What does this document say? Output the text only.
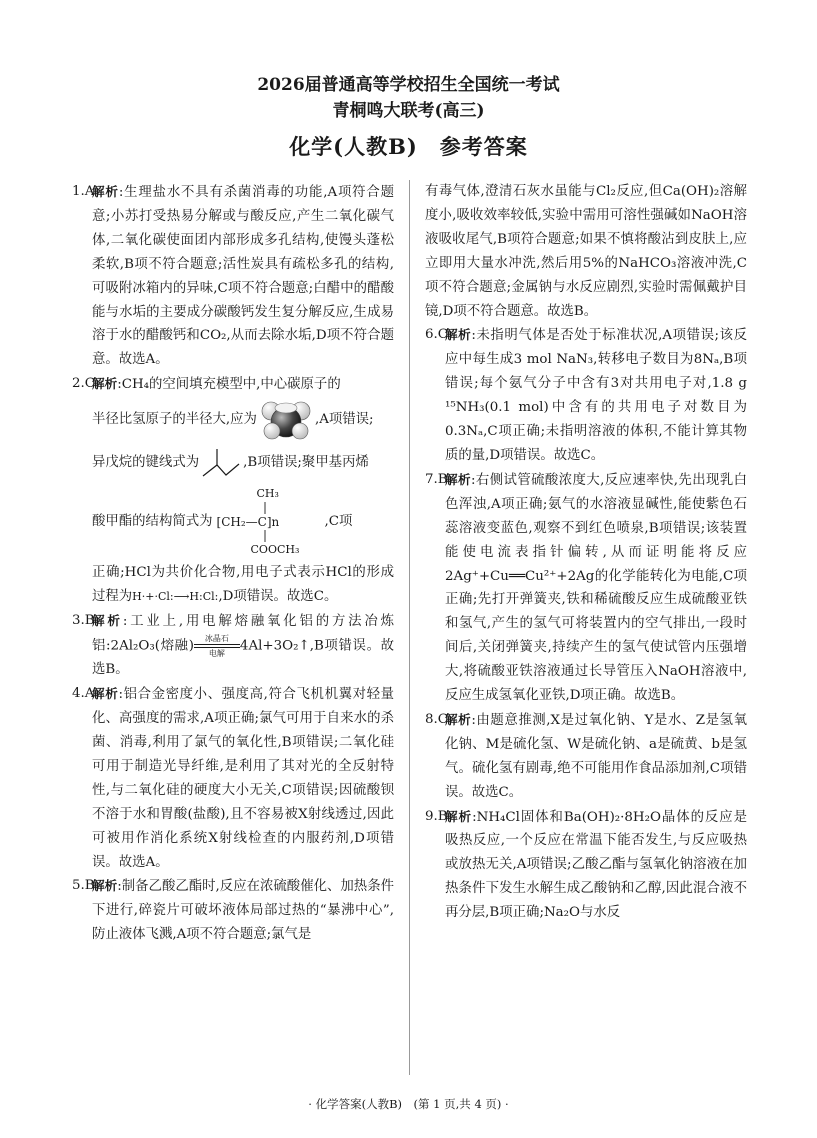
2026届普通高等学校招生全国统一考试
青桐鸣大联考(高三)
化学(人教B)　参考答案

1.A
解析:生理盐水不具有杀菌消毒的功能,A项符合题意;小苏打受热易分解或与酸反应,产生二氧化碳气体,二氧化碳使面团内部形成多孔结构,使馒头蓬松柔软,B项不符合题意;活性炭具有疏松多孔的结构,可吸附冰箱内的异味,C项不符合题意;白醋中的醋酸能与水垢的主要成分碳酸钙发生复分解反应,生成易溶于水的醋酸钙和CO₂,从而去除水垢,D项不符合题意。故选A。

2.C
解析:CH₄的空间填充模型中,中心碳原子的
半径比氢原子的半径大,应为	,A项错误;
异戊烷的键线式为	,B项错误;聚甲基丙烯
酸甲酯的结构简式为
CH₃
[CH₂—C]n
COOCH₃
,C项
正确;HCl为共价化合物,用电子式表示HCl的形成过程为H·+·Cl:⟶H:Cl:,D项错误。故选C。

3.B
解析:工业上,用电解熔融氧化铝的方法冶炼铝:2Al₂O₃(熔融)	冰晶石
电解	4Al+3O₂↑,B项错误。故选B。

4.A
解析:铝合金密度小、强度高,符合飞机机翼对轻量化、高强度的需求,A项正确;氯气可用于自来水的杀菌、消毒,利用了氯气的氧化性,B项错误;二氧化硅可用于制造光导纤维,是利用了其对光的全反射特性,与二氧化硅的硬度大小无关,C项错误;因硫酸钡不溶于水和胃酸(盐酸),且不容易被X射线透过,因此可被用作消化系统X射线检查的内服药剂,D项错误。故选A。

5.B
解析:制备乙酸乙酯时,反应在浓硫酸催化、加热条件下进行,碎瓷片可破坏液体局部过热的“暴沸中心”,防止液体飞溅,A项不符合题意;氯气是

有毒气体,澄清石灰水虽能与Cl₂反应,但Ca(OH)₂溶解度小,吸收效率较低,实验中需用可溶性强碱如NaOH溶液吸收尾气,B项符合题意;如果不慎将酸沾到皮肤上,应立即用大量水冲洗,然后用5%的NaHCO₃溶液冲洗,C项不符合题意;金属钠与水反应剧烈,实验时需佩戴护目镜,D项不符合题意。故选B。

6.C
解析:未指明气体是否处于标准状况,A项错误;该反应中每生成3 mol NaN₃,转移电子数目为8Nₐ,B项错误;每个氨气分子中含有3对共用电子对,1.8 g ¹⁵NH₃(0.1 mol)中含有的共用电子对数目为0.3Nₐ,C项正确;未指明溶液的体积,不能计算其物质的量,D项错误。故选C。

7.B
解析:右侧试管硫酸浓度大,反应速率快,先出现乳白色浑浊,A项正确;氨气的水溶液显碱性,能使紫色石蕊溶液变蓝色,观察不到红色喷泉,B项错误;该装置能使电流表指针偏转,从而证明能将反应2Ag⁺+Cu══Cu²⁺+2Ag的化学能转化为电能,C项正确;先打开弹簧夹,铁和稀硫酸反应生成硫酸亚铁和氢气,产生的氢气可将装置内的空气排出,一段时间后,关闭弹簧夹,持续产生的氢气使试管内压强增大,将硫酸亚铁溶液通过长导管压入NaOH溶液中,反应生成氢氧化亚铁,D项正确。故选B。

8.C
解析:由题意推测,X是过氧化钠、Y是水、Z是氢氧化钠、M是硫化氢、W是硫化钠、a是硫黄、b是氢气。硫化氢有剧毒,绝不可能用作食品添加剂,C项错误。故选C。

9.B
解析:NH₄Cl固体和Ba(OH)₂·8H₂O晶体的反应是吸热反应,一个反应在常温下能否发生,与反应吸热或放热无关,A项错误;乙酸乙酯与氢氧化钠溶液在加热条件下发生水解生成乙酸钠和乙醇,因此混合液不再分层,B项正确;Na₂O与水反

· 化学答案(人教B)　(第 1 页,共 4 页) ·
